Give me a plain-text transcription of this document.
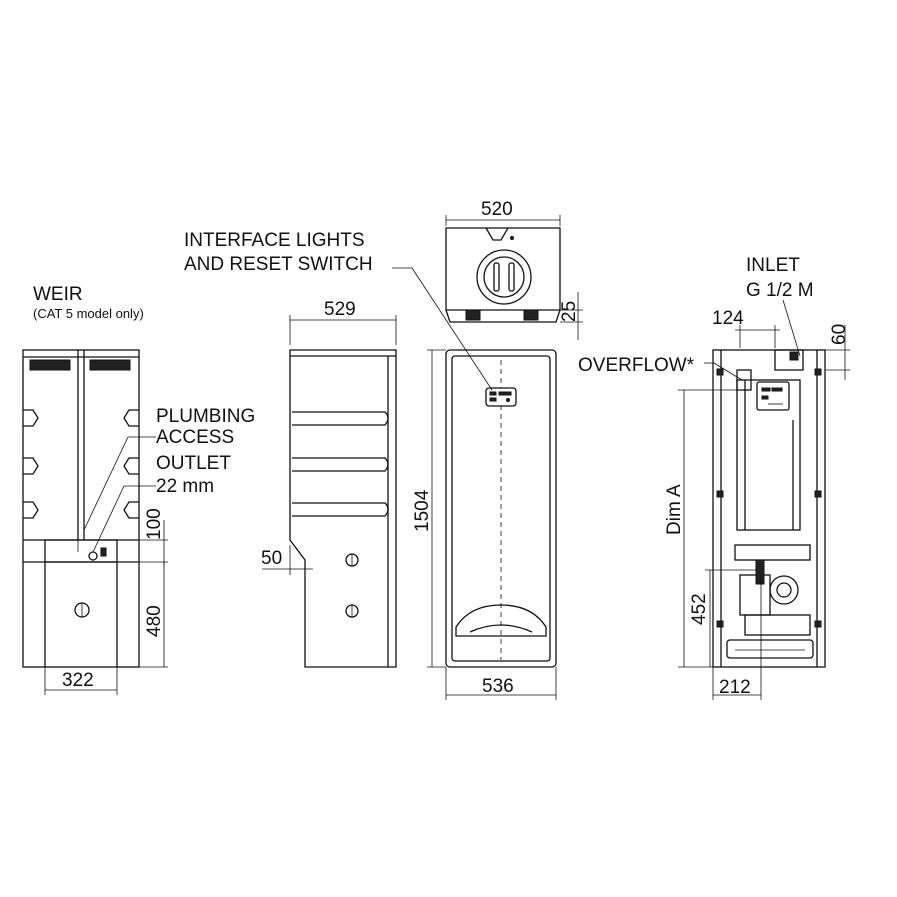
WEIR
(CAT 5 model only)
PLUMBING
ACCESS
OUTLET
22 mm
INTERFACE LIGHTS
AND RESET SWITCH	INLET
G 1/2 M
OVERFLOW*
Dim A
100
480
322
529
50
520
25
1504
536
124
60
452
212
